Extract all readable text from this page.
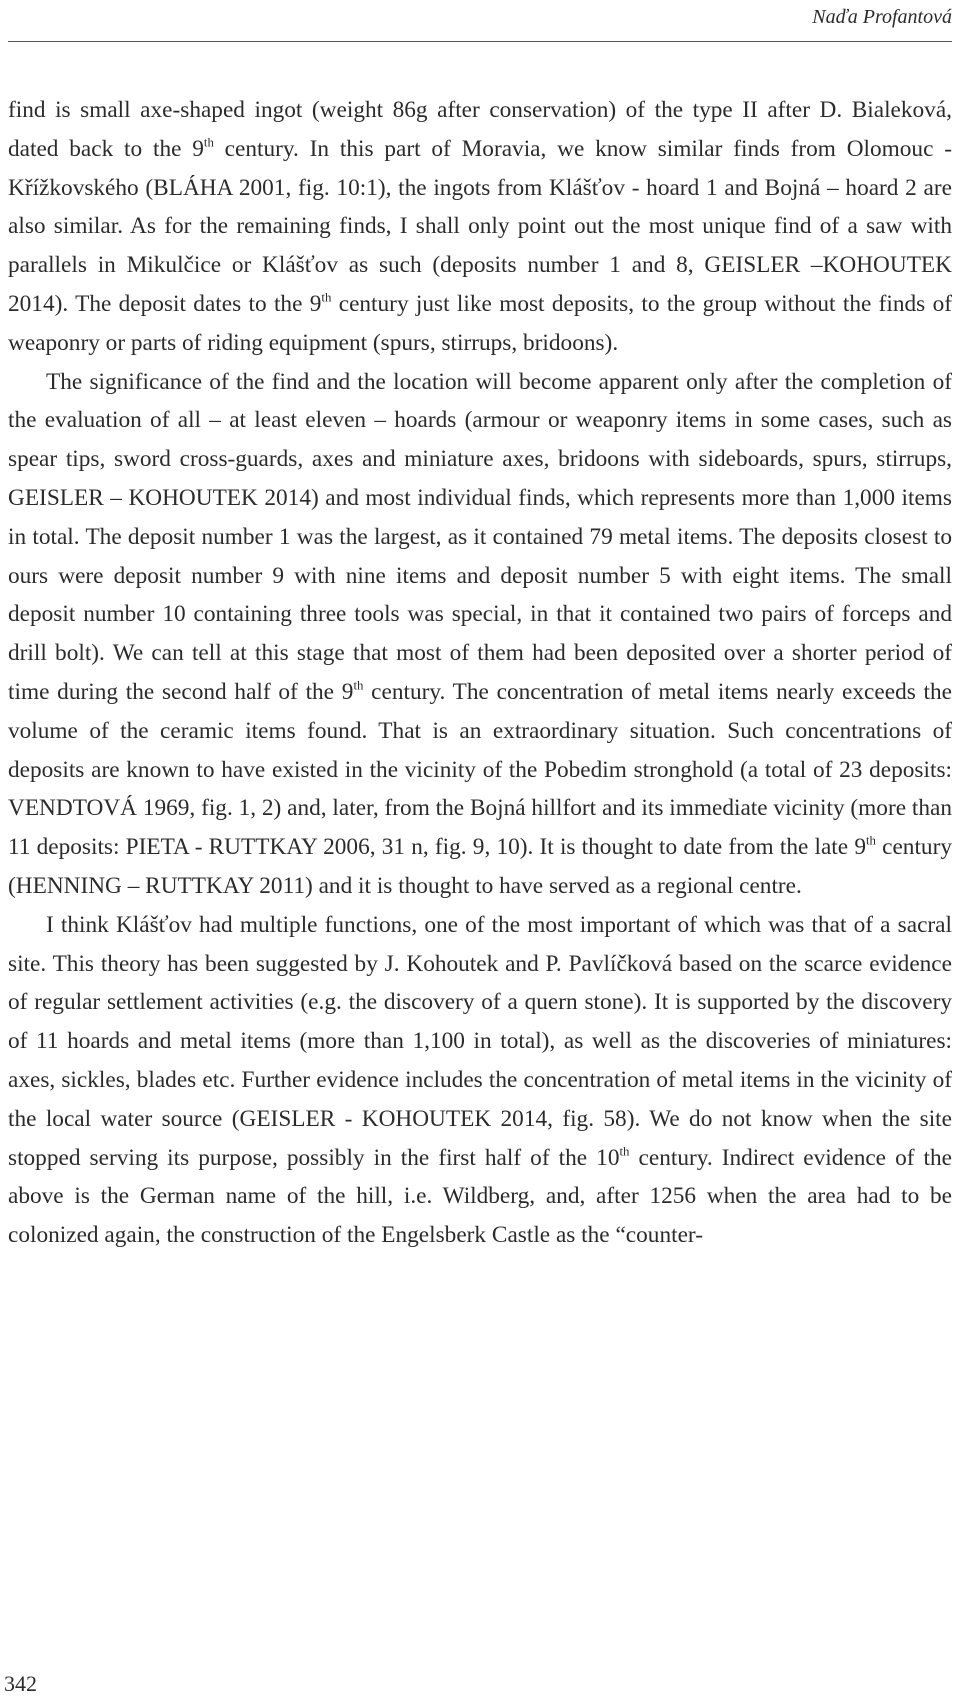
Naďa Profantová

find is small axe-shaped ingot (weight 86g after conservation) of the type II after D. Bialeková, dated back to the 9th century. In this part of Moravia, we know similar finds from Olomouc - Křížkovského (BLÁHA 2001, fig. 10:1), the ingots from Klášťov - hoard 1 and Bojná – hoard 2 are also similar. As for the remaining finds, I shall only point out the most unique find of a saw with parallels in Mikulčice or Klášťov as such (deposits number 1 and 8, GEISLER –KOHOUTEK 2014). The deposit dates to the 9th century just like most deposits, to the group without the finds of weaponry or parts of riding equipment (spurs, stirrups, bridoons).

The significance of the find and the location will become apparent only after the completion of the evaluation of all – at least eleven – hoards (armour or weaponry items in some cases, such as spear tips, sword cross-guards, axes and miniature axes, bridoons with sideboards, spurs, stirrups, GEISLER – KOHOUTEK 2014) and most individual finds, which represents more than 1,000 items in total. The deposit number 1 was the largest, as it contained 79 metal items. The deposits closest to ours were deposit number 9 with nine items and deposit number 5 with eight items. The small deposit number 10 containing three tools was special, in that it contained two pairs of forceps and drill bolt). We can tell at this stage that most of them had been deposited over a shorter period of time during the second half of the 9th century. The concentration of metal items nearly exceeds the volume of the ceramic items found. That is an extraordinary situation. Such concentrations of deposits are known to have existed in the vicinity of the Pobedim stronghold (a total of 23 deposits: VENDTOVÁ 1969, fig. 1, 2) and, later, from the Bojná hillfort and its immediate vicinity (more than 11 deposits: PIETA - RUTTKAY 2006, 31 n, fig. 9, 10). It is thought to date from the late 9th century (HENNING – RUTTKAY 2011) and it is thought to have served as a regional centre.

I think Klášťov had multiple functions, one of the most important of which was that of a sacral site. This theory has been suggested by J. Kohoutek and P. Pavlíčková based on the scarce evidence of regular settlement activities (e.g. the discovery of a quern stone). It is supported by the discovery of 11 hoards and metal items (more than 1,100 in total), as well as the discoveries of miniatures: axes, sickles, blades etc. Further evidence includes the concentration of metal items in the vicinity of the local water source (GEISLER - KOHOUTEK 2014, fig. 58). We do not know when the site stopped serving its purpose, possibly in the first half of the 10th century. Indirect evidence of the above is the German name of the hill, i.e. Wildberg, and, after 1256 when the area had to be colonized again, the construction of the Engelsberk Castle as the “counter-

342
